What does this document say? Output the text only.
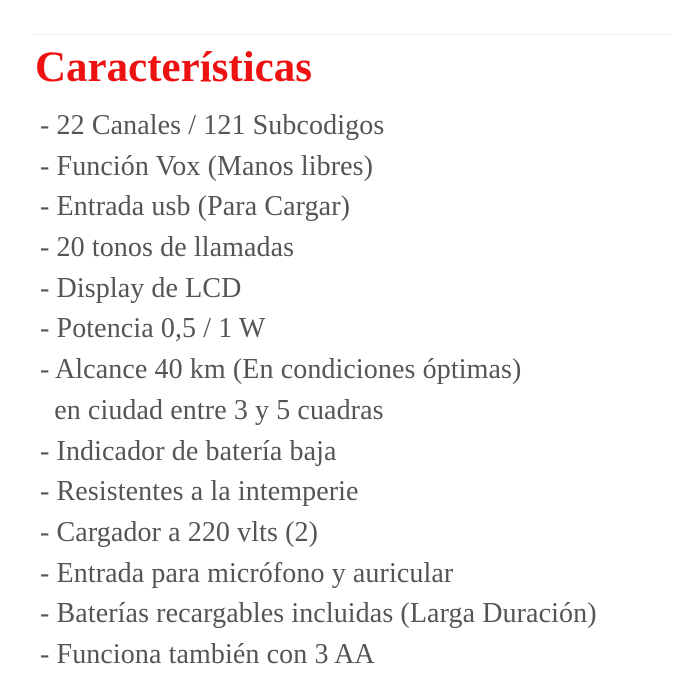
Características
- 22 Canales / 121 Subcodigos
- Función Vox (Manos libres)
- Entrada usb (Para Cargar)
- 20 tonos de llamadas
- Display de LCD
- Potencia 0,5 / 1 W
- Alcance 40 km (En condiciones óptimas)
en ciudad entre 3 y 5 cuadras
- Indicador de batería baja
- Resistentes a la intemperie
- Cargador a 220 vlts (2)
- Entrada para micrófono y auricular
- Baterías recargables incluidas (Larga Duración)
- Funciona también con 3 AA
